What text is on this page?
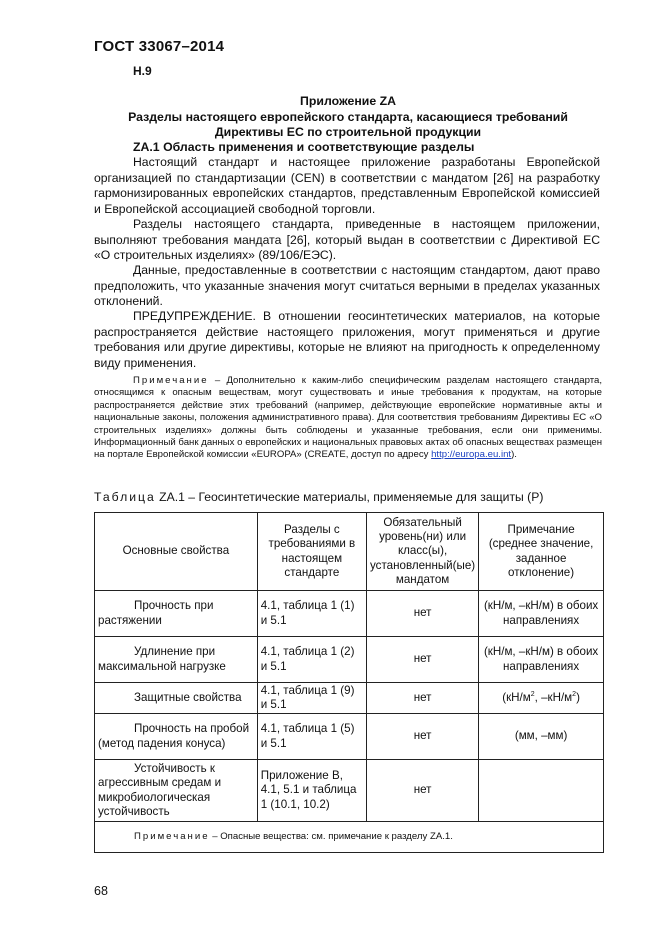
ГОСТ 33067–2014
Н.9
Приложение ZA
Разделы настоящего европейского стандарта, касающиеся требований
Директивы ЕС по строительной продукции
ZA.1 Область применения и соответствующие разделы
Настоящий стандарт и настоящее приложение разработаны Европейской организацией по стандартизации (CEN) в соответствии с мандатом [26] на разработку гармонизированных европейских стандартов, представленным Европейской комиссией и Европейской ассоциацией свободной торговли.
Разделы настоящего стандарта, приведенные в настоящем приложении, выполняют требования мандата [26], который выдан в соответствии с Директивой ЕС «О строительных изделиях» (89/106/ЕЭС).
Данные, предоставленные в соответствии с настоящим стандартом, дают право предположить, что указанные значения могут считаться верными в пределах указанных отклонений.
ПРЕДУПРЕЖДЕНИЕ. В отношении геосинтетических материалов, на которые распространяется действие настоящего приложения, могут применяться и другие требования или другие директивы, которые не влияют на пригодность к определенному виду применения.
Примечание – Дополнительно к каким-либо специфическим разделам настоящего стандарта, относящимся к опасным веществам, могут существовать и иные требования к продуктам, на которые распространяется действие этих требований (например, действующие европейские нормативные акты и национальные законы, положения административного права). Для соответствия требованиям Директивы ЕС «О строительных изделиях» должны быть соблюдены и указанные требования, если они применимы. Информационный банк данных о европейских и национальных правовых актах об опасных веществах размещен на портале Европейской комиссии «EUROPA» (CREATE, доступ по адресу http://europa.eu.int).
Таблица ZA.1 – Геосинтетические материалы, применяемые для защиты (P)
Основные свойства	Разделы с требованиями в настоящем стандарте	Обязательный уровень(ни) или класс(ы), установленный(ые) мандатом	Примечание (среднее значение, заданное отклонение)
Прочность при растяжении	4.1, таблица 1 (1) и 5.1	нет	(кН/м, –кН/м) в обоих направлениях
Удлинение при максимальной нагрузке	4.1, таблица 1 (2) и 5.1	нет	(кН/м, –кН/м) в обоих направлениях
Защитные свойства	4.1, таблица 1 (9) и 5.1	нет	($кН/м^2$, $-кН/м^2$)
Прочность на пробой (метод падения конуса)	4.1, таблица 1 (5) и 5.1	нет	(мм, –мм)
Устойчивость к агрессивным средам и микробиологическая устойчивость	Приложение B, 4.1, 5.1 и таблица 1 (10.1, 10.2)	нет	
Примечание – Опасные вещества: см. примечание к разделу ZA.1.			
68
